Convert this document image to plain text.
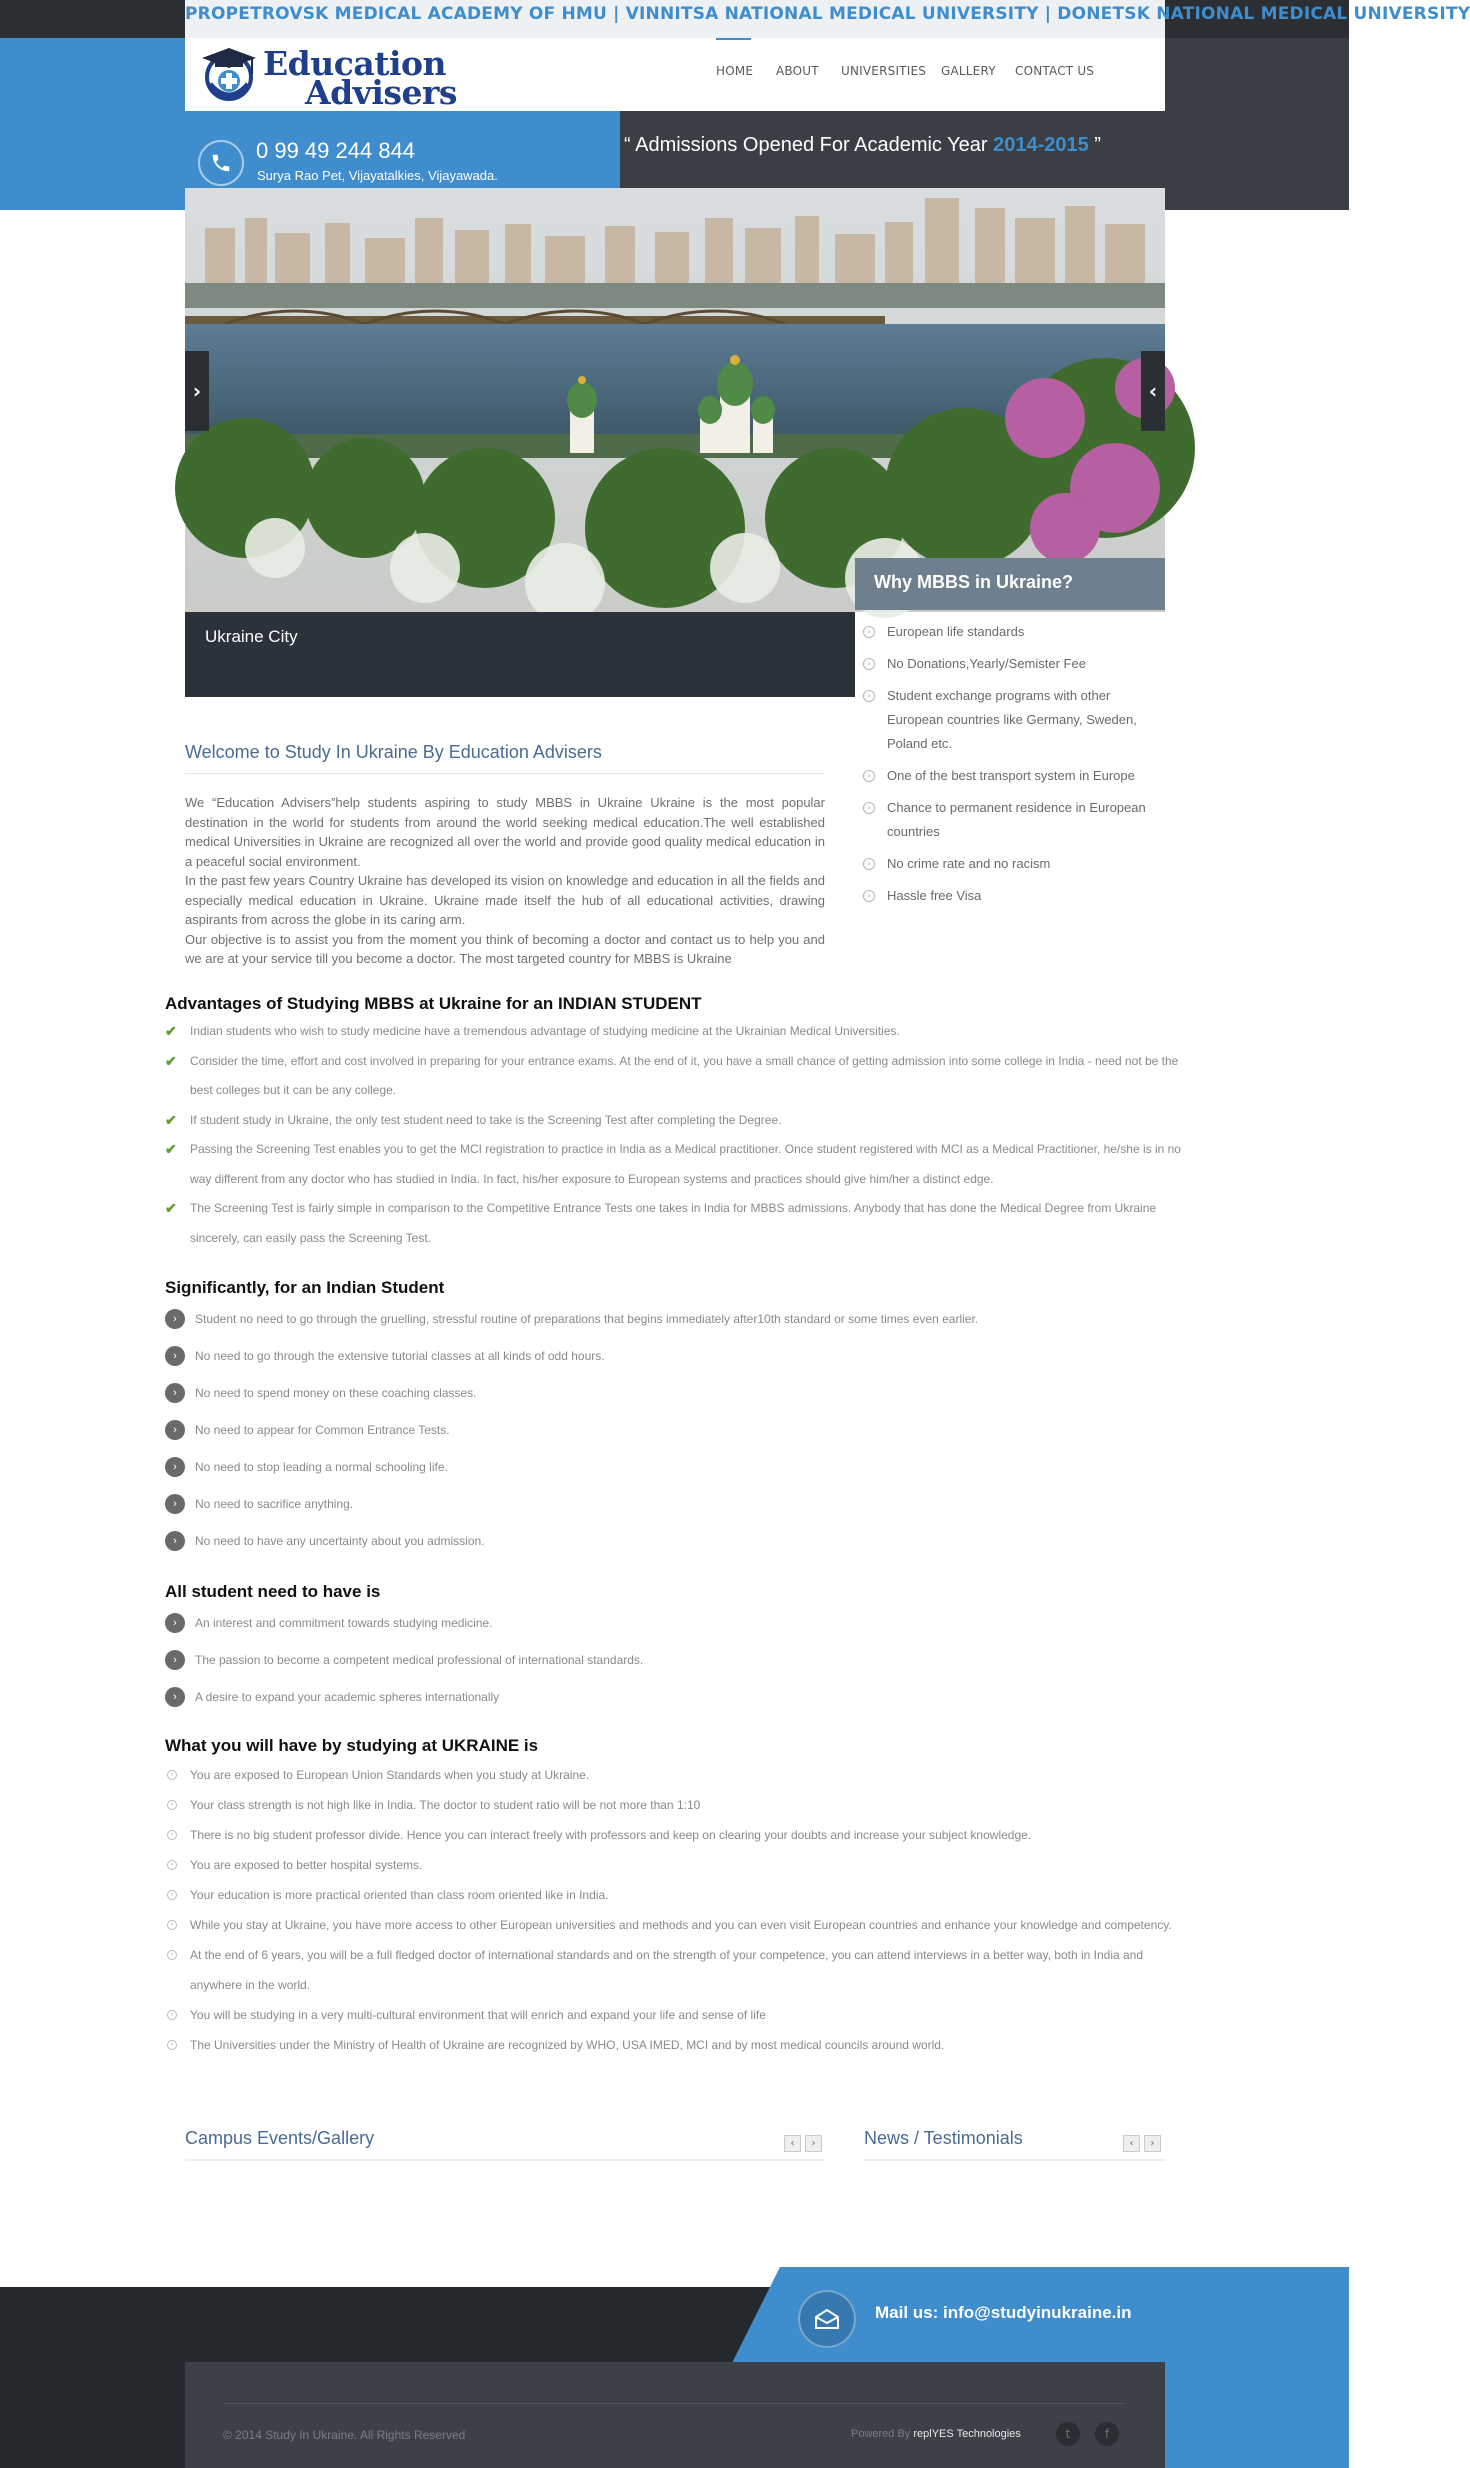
PROPETROVSK MEDICAL ACADEMY OF HMU | VINNITSA NATIONAL MEDICAL UNIVERSITY | DONETSK NATIONAL MEDICAL UNIVERSITY
Education
Advisers
HOME ABOUT UNIVERSITIES GALLERY CONTACT US
0 99 49 244 844
Surya Rao Pet, Vijayatalkies, Vijayawada.
“ Admissions Opened For Academic Year 2014-2015 ”
›	‹
Ukraine City
Why MBBS in Ukraine?
›	European life standards
›	No Donations,Yearly/Semister Fee
›	Student exchange programs with other European countries like Germany, Sweden, Poland etc.
›	One of the best transport system in Europe
›	Chance to permanent residence in European countries
›	No crime rate and no racism
›	Hassle free Visa
Welcome to Study In Ukraine By Education Advisers

We “Education Advisers”help students aspiring to study MBBS in Ukraine Ukraine is the most popular destination in the world for students from around the world seeking medical education.The well established medical Universities in Ukraine are recognized all over the world and provide good quality medical education in a peaceful social environment.

In the past few years Country Ukraine has developed its vision on knowledge and education in all the fields and especially medical education in Ukraine. Ukraine made itself the hub of all educational activities, drawing aspirants from across the globe in its caring arm.

Our objective is to assist you from the moment you think of becoming a doctor and contact us to help you and we are at your service till you become a doctor. The most targeted country for MBBS is Ukraine

Advantages of Studying MBBS at Ukraine for an INDIAN STUDENT
✔ Indian students who wish to study medicine have a tremendous advantage of studying medicine at the Ukrainian Medical Universities.
✔ Consider the time, effort and cost involved in preparing for your entrance exams. At the end of it, you have a small chance of getting admission into some college in India - need not be the best colleges but it can be any college.
✔ If student study in Ukraine, the only test student need to take is the Screening Test after completing the Degree.
✔ Passing the Screening Test enables you to get the MCI registration to practice in India as a Medical practitioner. Once student registered with MCI as a Medical Practitioner, he/she is in no way different from any doctor who has studied in India. In fact, his/her exposure to European systems and practices should give him/her a distinct edge.
✔ The Screening Test is fairly simple in comparison to the Competitive Entrance Tests one takes in India for MBBS admissions. Anybody that has done the Medical Degree from Ukraine sincerely, can easily pass the Screening Test.
Significantly, for an Indian Student
›	Student no need to go through the gruelling, stressful routine of preparations that begins immediately after10th standard or some times even earlier.
›	No need to go through the extensive tutorial classes at all kinds of odd hours.
›	No need to spend money on these coaching classes.
›	No need to appear for Common Entrance Tests.
›	No need to stop leading a normal schooling life.
›	No need to sacrifice anything.
›	No need to have any uncertainty about you admission.
All student need to have is
›	An interest and commitment towards studying medicine.
›	The passion to become a competent medical professional of international standards.
›	A desire to expand your academic spheres internationally
What you will have by studying at UKRAINE is
›	You are exposed to European Union Standards when you study at Ukraine.
›	Your class strength is not high like in India. The doctor to student ratio will be not more than 1:10
›	There is no big student professor divide. Hence you can interact freely with professors and keep on clearing your doubts and increase your subject knowledge.
›	You are exposed to better hospital systems.
›	Your education is more practical oriented than class room oriented like in India.
›	While you stay at Ukraine, you have more access to other European universities and methods and you can even visit European countries and enhance your knowledge and competency.
›	At the end of 6 years, you will be a full fledged doctor of international standards and on the strength of your competence, you can attend interviews in a better way, both in India and anywhere in the world.
›	You will be studying in a very multi-cultural environment that will enrich and expand your life and sense of life
›	The Universities under the Ministry of Health of Ukraine are recognized by WHO, USA IMED, MCI and by most medical councils around world.
Campus Events/Gallery	‹	›	News / Testimonials	‹	›
Mail us: info@studyinukraine.in
© 2014 Study In Ukraine. All Rights Reserved	Powered By replYES Technologies	t	f
